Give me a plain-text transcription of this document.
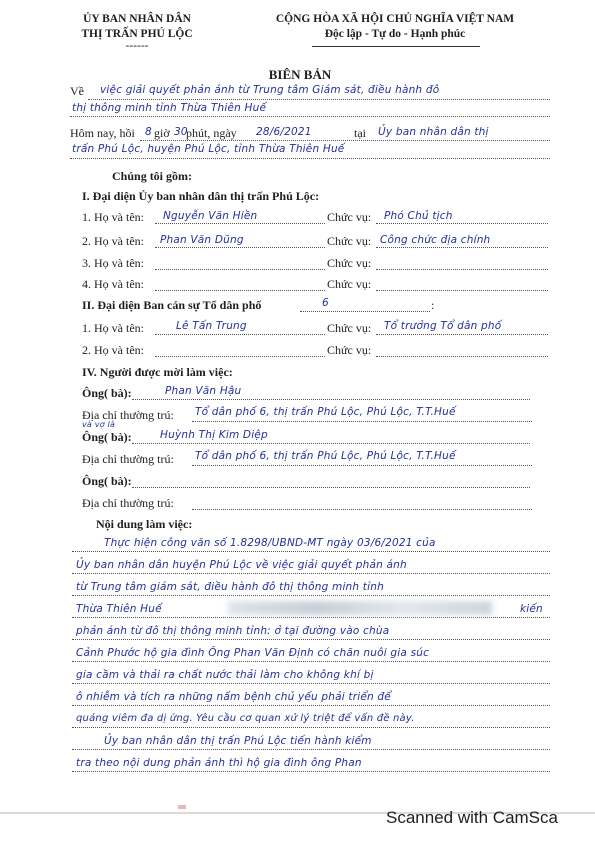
ỦY BAN NHÂN DÂN
THỊ TRẤN PHÚ LỘC
------
CỘNG HÒA XÃ HỘI CHỦ NGHĨA VIỆT NAM
Độc lập - Tự do - Hạnh phúc
BIÊN BẢN
Về việc giải quyết phản ánh từ Trung tâm Giám sát, điều hành đô
thị thông minh tỉnh Thừa Thiên Huế
Hôm nay, hồi 8 giờ 30
phút, ngày 28/6/2021	tại Ủy ban nhân dân thị
trấn Phú Lộc, huyện Phú Lộc, tỉnh Thừa Thiên Huế
Chúng tôi gồm:
I. Đại diện Ủy ban nhân dân thị trấn Phú Lộc:
1. Họ và tên: Nguyễn Văn Hiền	Chức vụ: Phó Chủ tịch
2. Họ và tên: Phan Văn Dũng	Chức vụ: Công chức địa chính
3. Họ và tên:	Chức vụ:
4. Họ và tên:	Chức vụ:
II. Đại diện Ban cán sự Tổ dân phố	6	:
1. Họ và tên:	Lê Tấn Trung	Chức vụ: Tổ trưởng Tổ dân phố
2. Họ và tên:	Chức vụ:
IV. Người được mời làm việc:
Ông( bà):	Phan Văn Hậu
Địa chỉ thường trú: Tổ dân phố 6, thị trấn Phú Lộc, Phú Lộc, T.T.Huế
và vợ là
Ông( bà):	Huỳnh Thị Kim Diệp
Địa chỉ thường trú: Tổ dân phố 6, thị trấn Phú Lộc, Phú Lộc, T.T.Huế
Ông( bà):
Địa chỉ thường trú:
Nội dung làm việc:
Thực hiện công văn số 1.8298/UBND-MT ngày 03/6/2021 của
Ủy ban nhân dân huyện Phú Lộc về việc giải quyết phản ánh
từ Trung tâm giám sát, điều hành đô thị thông minh tỉnh
Thừa Thiên Huế	kiến
phản ánh từ đô thị thông minh tỉnh: ở tại đường vào chùa
Cảnh Phước hộ gia đình Ông Phan Văn Định có chăn nuôi gia súc
gia cầm và thải ra chất nước thải làm cho không khí bị
ô nhiễm và tích ra những nấm bệnh chủ yếu phải triển để
quảng viêm đa dị ứng. Yêu cầu cơ quan xử lý triệt để vấn đề này.
Ủy ban nhân dân thị trấn Phú Lộc tiến hành kiểm
tra theo nội dung phản ánh thì hộ gia đình ông Phan
Scanned with CamSca
